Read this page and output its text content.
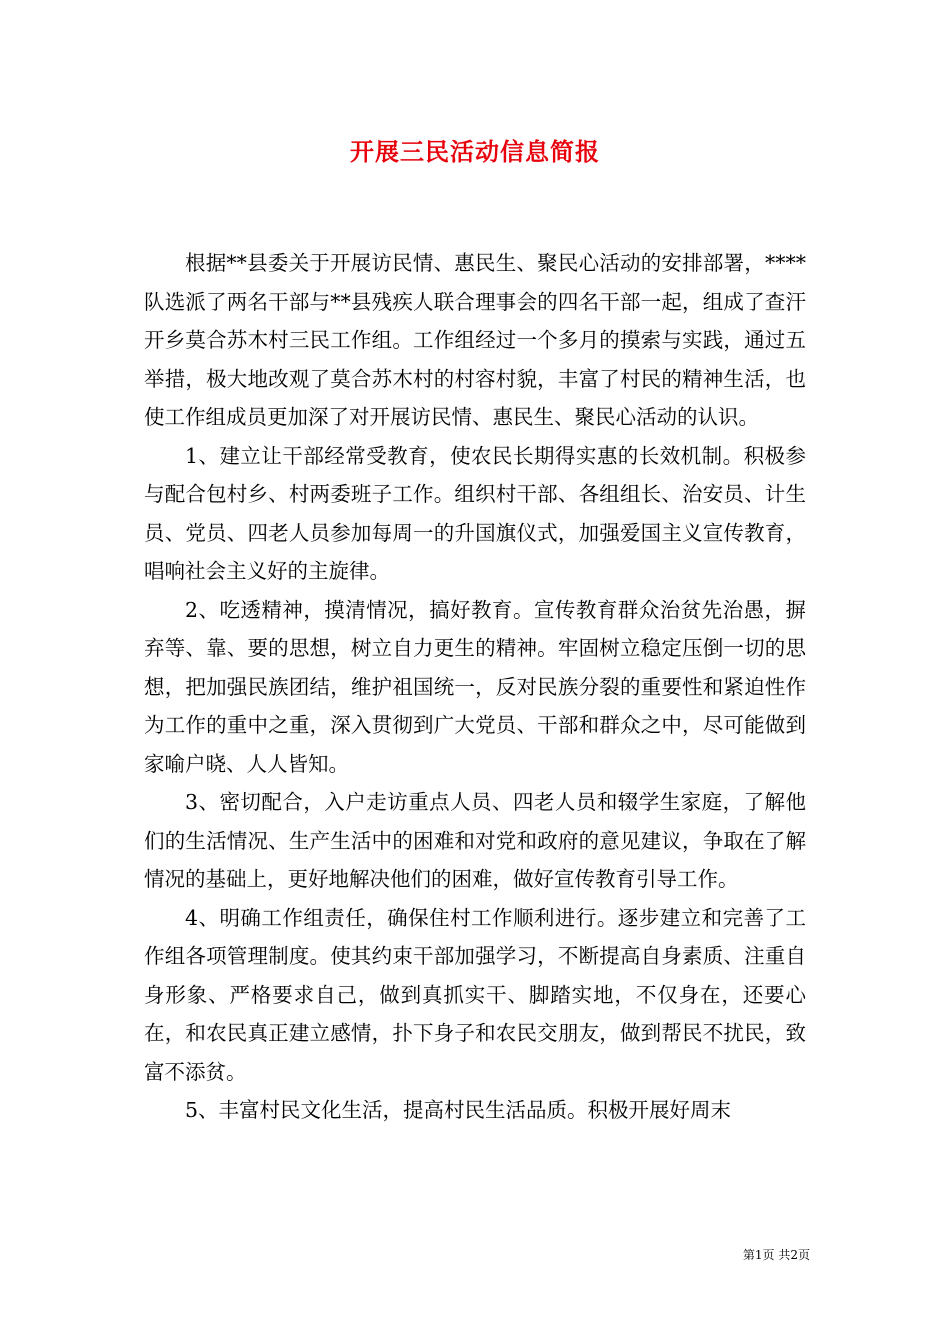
开展三民活动信息简报

根据**县委关于开展访民情、惠民生、聚民心活动的安排部署，****队选派了两名干部与**县残疾人联合理事会的四名干部一起，组成了查汗开乡莫合苏木村三民工作组。工作组经过一个多月的摸索与实践，通过五举措，极大地改观了莫合苏木村的村容村貌，丰富了村民的精神生活，也使工作组成员更加深了对开展访民情、惠民生、聚民心活动的认识。

1、建立让干部经常受教育，使农民长期得实惠的长效机制。积极参与配合包村乡、村两委班子工作。组织村干部、各组组长、治安员、计生员、党员、四老人员参加每周一的升国旗仪式，加强爱国主义宣传教育，唱响社会主义好的主旋律。

2、吃透精神，摸清情况，搞好教育。宣传教育群众治贫先治愚，摒弃等、靠、要的思想，树立自力更生的精神。牢固树立稳定压倒一切的思想，把加强民族团结，维护祖国统一，反对民族分裂的重要性和紧迫性作为工作的重中之重，深入贯彻到广大党员、干部和群众之中，尽可能做到家喻户晓、人人皆知。

3、密切配合，入户走访重点人员、四老人员和辍学生家庭，了解他们的生活情况、生产生活中的困难和对党和政府的意见建议，争取在了解情况的基础上，更好地解决他们的困难，做好宣传教育引导工作。

4、明确工作组责任，确保住村工作顺利进行。逐步建立和完善了工作组各项管理制度。使其约束干部加强学习，不断提高自身素质、注重自身形象、严格要求自己，做到真抓实干、脚踏实地，不仅身在，还要心在，和农民真正建立感情，扑下身子和农民交朋友，做到帮民不扰民，致富不添贫。

5、丰富村民文化生活，提高村民生活品质。积极开展好周末

第1页 共2页
